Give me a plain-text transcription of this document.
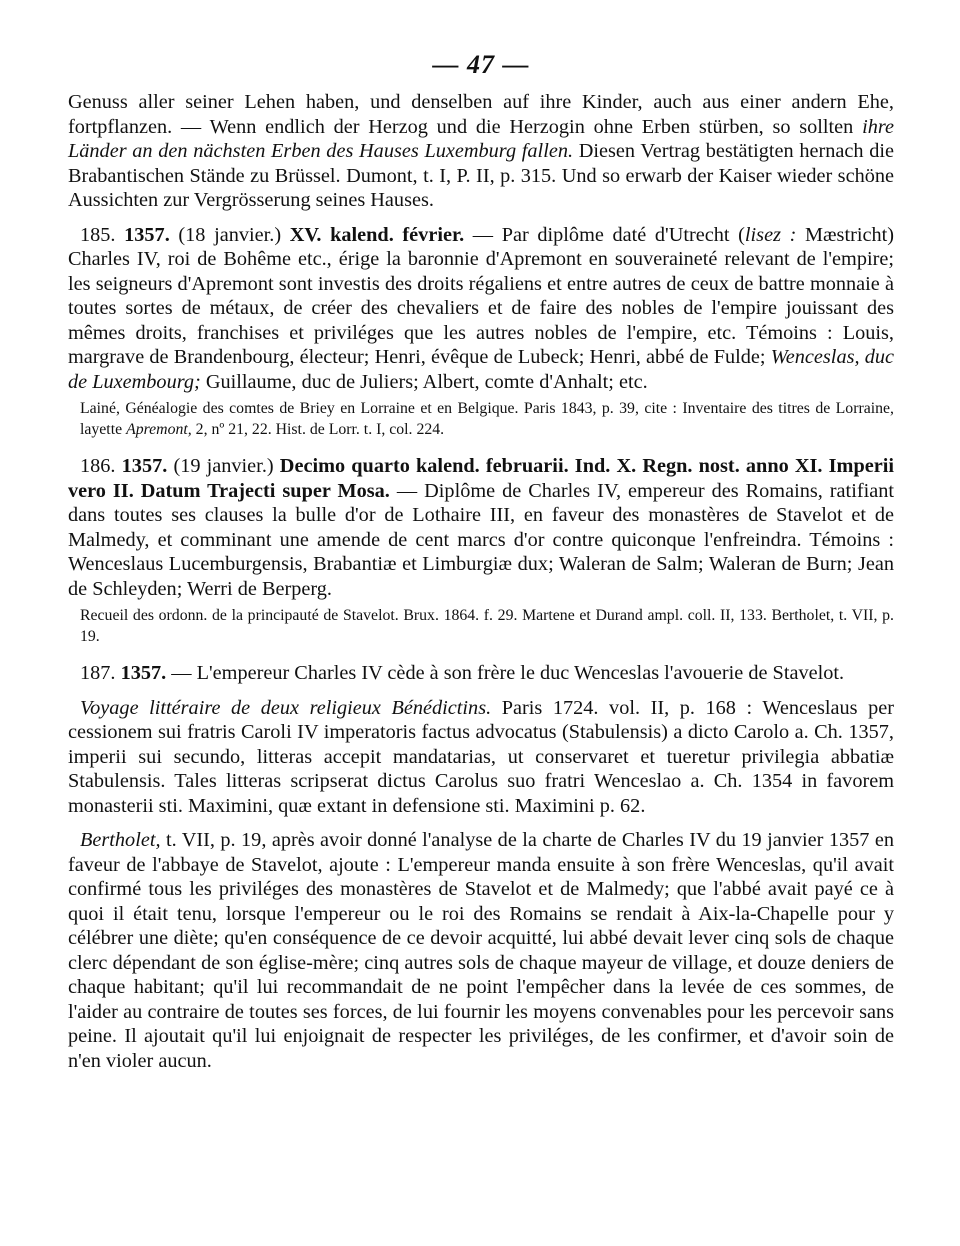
— 47 —

Genuss aller seiner Lehen haben, und denselben auf ihre Kinder, auch aus einer andern Ehe, fortpflanzen. — Wenn endlich der Herzog und die Herzogin ohne Erben stürben, so sollten ihre Länder an den nächsten Erben des Hauses Luxemburg fallen. Diesen Vertrag bestätigten hernach die Brabantischen Stände zu Brüssel. Dumont, t. I, P. II, p. 315. Und so erwarb der Kaiser wieder schöne Aussichten zur Vergrösserung seines Hauses.

185. 1357. (18 janvier.) XV. kalend. février. — Par diplôme daté d'Utrecht (lisez : Mæstricht) Charles IV, roi de Bohême etc., érige la baronnie d'Apremont en souveraineté relevant de l'empire; les seigneurs d'Apremont sont investis des droits régaliens et entre autres de ceux de battre monnaie à toutes sortes de métaux, de créer des chevaliers et de faire des nobles de l'empire jouissant des mêmes droits, franchises et priviléges que les autres nobles de l'empire, etc. Témoins : Louis, margrave de Brandenbourg, électeur; Henri, évêque de Lubeck; Henri, abbé de Fulde; Wenceslas, duc de Luxembourg; Guillaume, duc de Juliers; Albert, comte d'Anhalt; etc.

Lainé, Généalogie des comtes de Briey en Lorraine et en Belgique. Paris 1843, p. 39, cite : Inventaire des titres de Lorraine, layette Apremont, 2, nº 21, 22. Hist. de Lorr. t. I, col. 224.

186. 1357. (19 janvier.) Decimo quarto kalend. februarii. Ind. X. Regn. nost. anno XI. Imperii vero II. Datum Trajecti super Mosa. — Diplôme de Charles IV, empereur des Romains, ratifiant dans toutes ses clauses la bulle d'or de Lothaire III, en faveur des monastères de Stavelot et de Malmedy, et comminant une amende de cent marcs d'or contre quiconque l'enfreindra. Témoins : Wenceslaus Lucemburgensis, Brabantiæ et Limburgiæ dux; Waleran de Salm; Waleran de Burn; Jean de Schleyden; Werri de Berperg.

Recueil des ordonn. de la principauté de Stavelot. Brux. 1864. f. 29. Martene et Durand ampl. coll. II, 133. Bertholet, t. VII, p. 19.

187. 1357. — L'empereur Charles IV cède à son frère le duc Wenceslas l'avouerie de Stavelot.

Voyage littéraire de deux religieux Bénédictins. Paris 1724. vol. II, p. 168 : Wenceslaus per cessionem sui fratris Caroli IV imperatoris factus advocatus (Stabulensis) a dicto Carolo a. Ch. 1357, imperii sui secundo, litteras accepit mandatarias, ut conservaret et tueretur privilegia abbatiæ Stabulensis. Tales litteras scripserat dictus Carolus suo fratri Wenceslao a. Ch. 1354 in favorem monasterii sti. Maximini, quæ extant in defensione sti. Maximini p. 62.

Bertholet, t. VII, p. 19, après avoir donné l'analyse de la charte de Charles IV du 19 janvier 1357 en faveur de l'abbaye de Stavelot, ajoute : L'empereur manda ensuite à son frère Wenceslas, qu'il avait confirmé tous les priviléges des monastères de Stavelot et de Malmedy; que l'abbé avait payé ce à quoi il était tenu, lorsque l'empereur ou le roi des Romains se rendait à Aix-la-Chapelle pour y célébrer une diète; qu'en conséquence de ce devoir acquitté, lui abbé devait lever cinq sols de chaque clerc dépendant de son église-mère; cinq autres sols de chaque mayeur de village, et douze deniers de chaque habitant; qu'il lui recommandait de ne point l'empêcher dans la levée de ces sommes, de l'aider au contraire de toutes ses forces, de lui fournir les moyens convenables pour les percevoir sans peine. Il ajoutait qu'il lui enjoignait de respecter les priviléges, de les confirmer, et d'avoir soin de n'en violer aucun.
